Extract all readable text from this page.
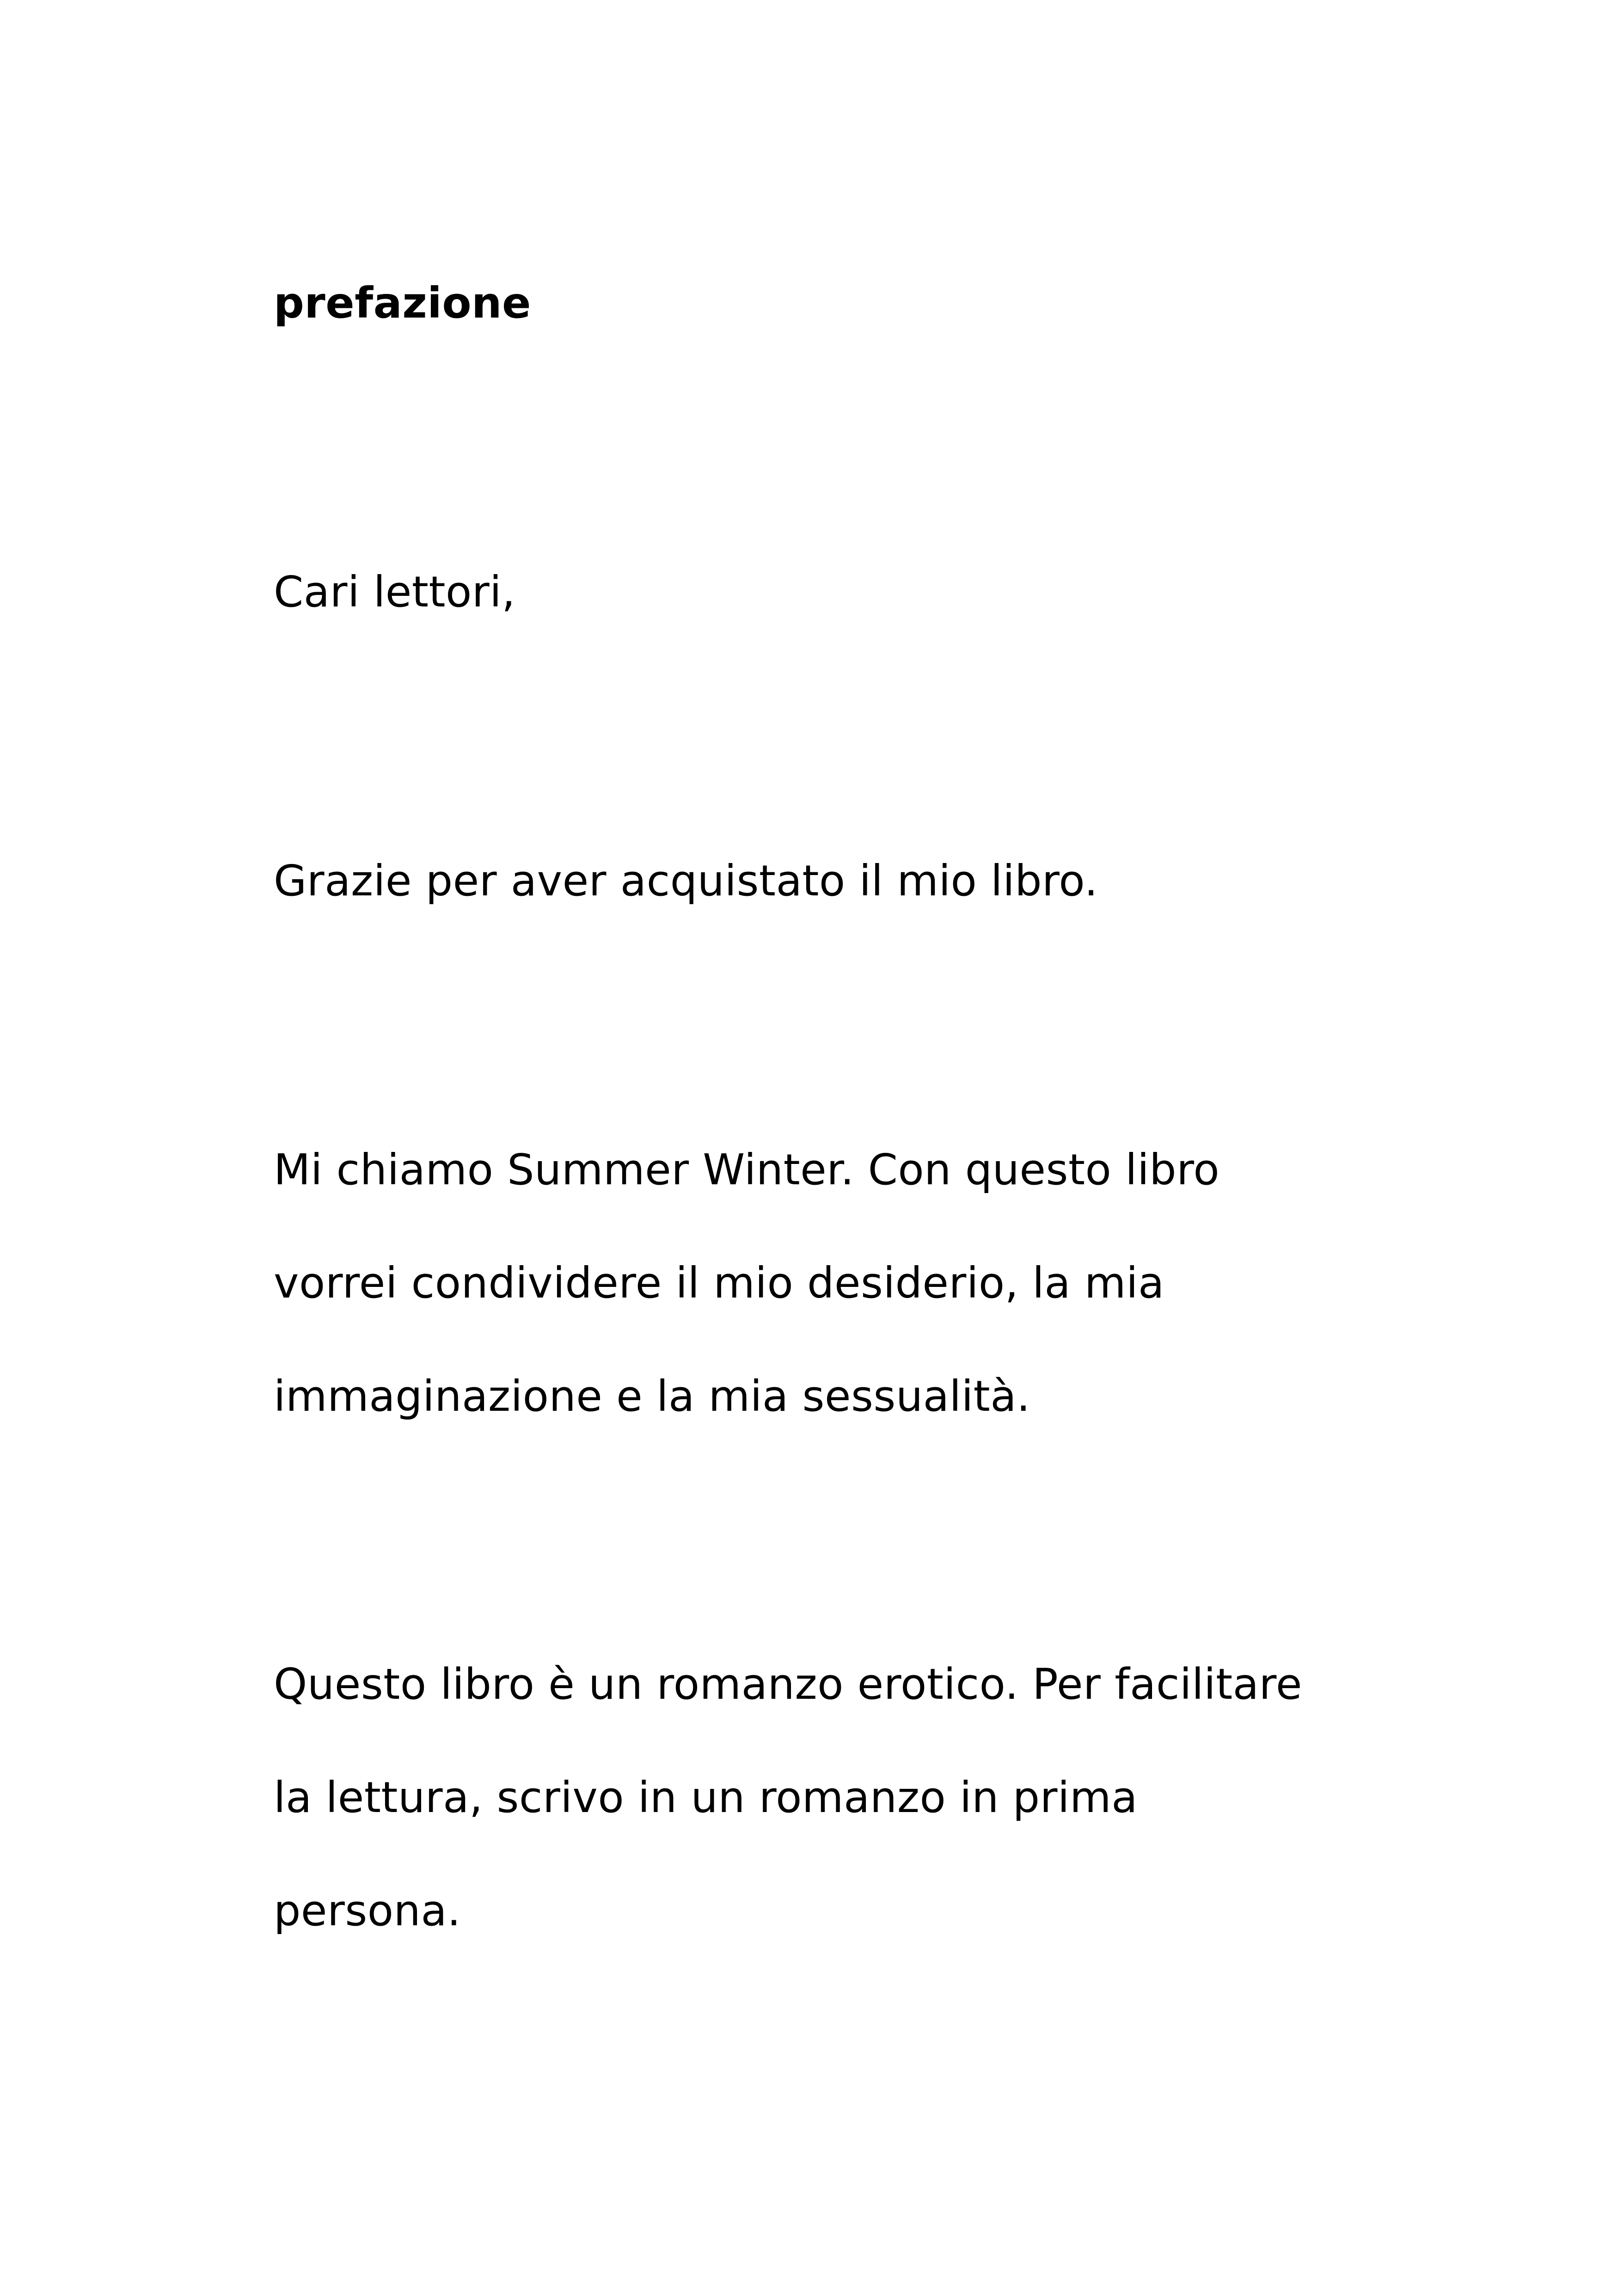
prefazione

Cari lettori,

Grazie per aver acquistato il mio libro.

Mi chiamo Summer Winter. Con questo libro

vorrei condividere il mio desiderio, la mia

immaginazione e la mia sessualità.

Questo libro è un romanzo erotico. Per facilitare

la lettura, scrivo in un romanzo in prima

persona.
